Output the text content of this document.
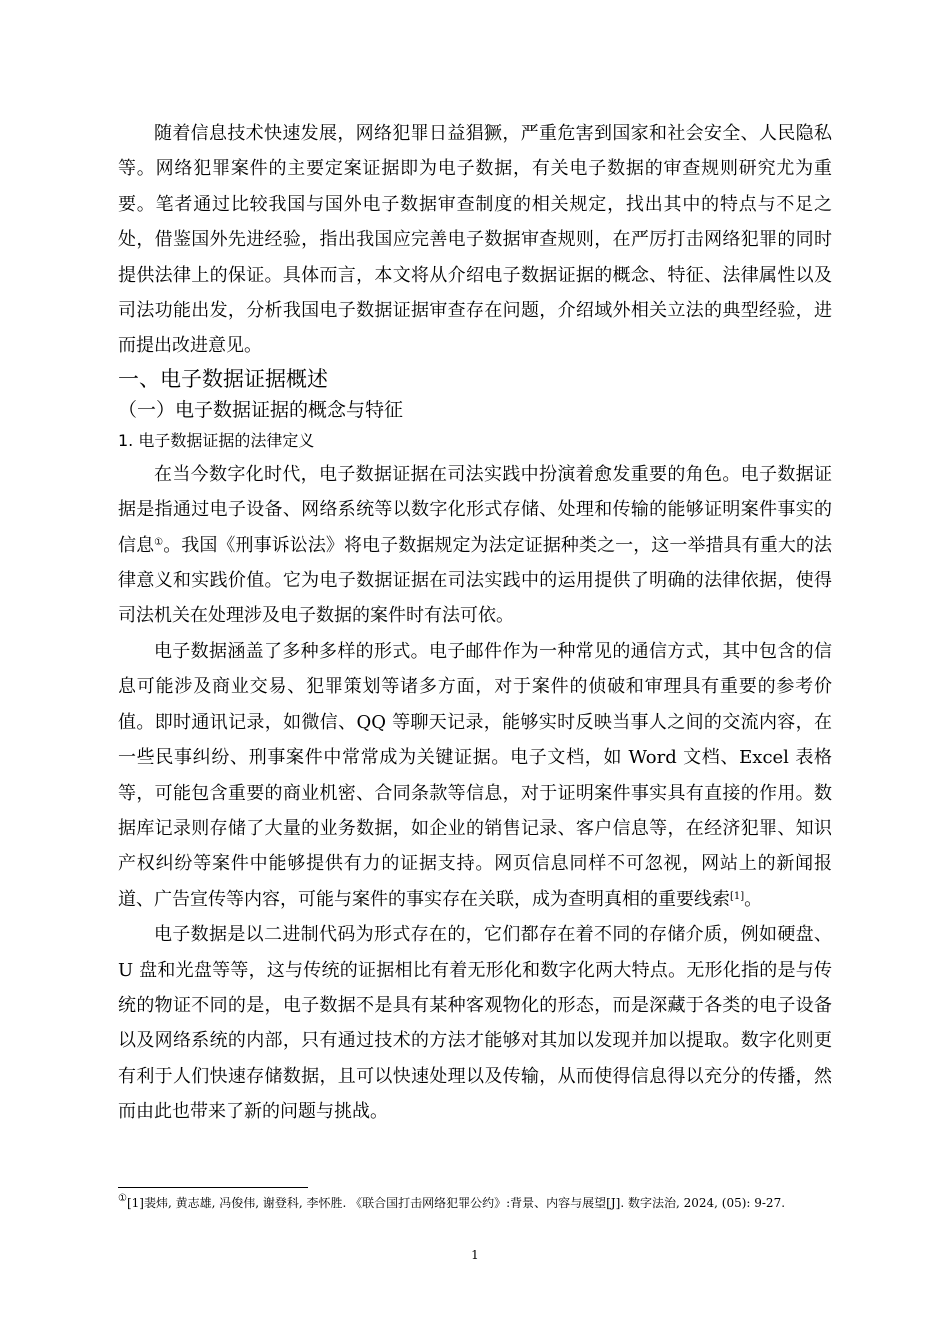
随着信息技术快速发展，网络犯罪日益猖獗，严重危害到国家和社会安全、人民隐私等。网络犯罪案件的主要定案证据即为电子数据，有关电子数据的审查规则研究尤为重要。笔者通过比较我国与国外电子数据审查制度的相关规定，找出其中的特点与不足之处，借鉴国外先进经验，指出我国应完善电子数据审查规则，在严厉打击网络犯罪的同时提供法律上的保证。具体而言，本文将从介绍电子数据证据的概念、特征、法律属性以及司法功能出发，分析我国电子数据证据审查存在问题，介绍域外相关立法的典型经验，进而提出改进意见。

一、电子数据证据概述
（一）电子数据证据的概念与特征
1. 电子数据证据的法律定义

在当今数字化时代，电子数据证据在司法实践中扮演着愈发重要的角色。电子数据证据是指通过电子设备、网络系统等以数字化形式存储、处理和传输的能够证明案件事实的信息①。我国《刑事诉讼法》将电子数据规定为法定证据种类之一，这一举措具有重大的法律意义和实践价值。它为电子数据证据在司法实践中的运用提供了明确的法律依据，使得司法机关在处理涉及电子数据的案件时有法可依。

电子数据涵盖了多种多样的形式。电子邮件作为一种常见的通信方式，其中包含的信息可能涉及商业交易、犯罪策划等诸多方面，对于案件的侦破和审理具有重要的参考价值。即时通讯记录，如微信、QQ 等聊天记录，能够实时反映当事人之间的交流内容，在一些民事纠纷、刑事案件中常常成为关键证据。电子文档，如 Word 文档、Excel 表格等，可能包含重要的商业机密、合同条款等信息，对于证明案件事实具有直接的作用。数据库记录则存储了大量的业务数据，如企业的销售记录、客户信息等，在经济犯罪、知识产权纠纷等案件中能够提供有力的证据支持。网页信息同样不可忽视，网站上的新闻报道、广告宣传等内容，可能与案件的事实存在关联，成为查明真相的重要线索[1]。

电子数据是以二进制代码为形式存在的，它们都存在着不同的存储介质，例如硬盘、U 盘和光盘等等，这与传统的证据相比有着无形化和数字化两大特点。无形化指的是与传统的物证不同的是，电子数据不是具有某种客观物化的形态，而是深藏于各类的电子设备以及网络系统的内部，只有通过技术的方法才能够对其加以发现并加以提取。数字化则更有利于人们快速存储数据，且可以快速处理以及传输，从而使得信息得以充分的传播，然而由此也带来了新的问题与挑战。

①[1]裴炜, 黄志雄, 冯俊伟, 谢登科, 李怀胜. 《联合国打击网络犯罪公约》:背景、内容与展望[J]. 数字法治, 2024, (05): 9-27.
1
